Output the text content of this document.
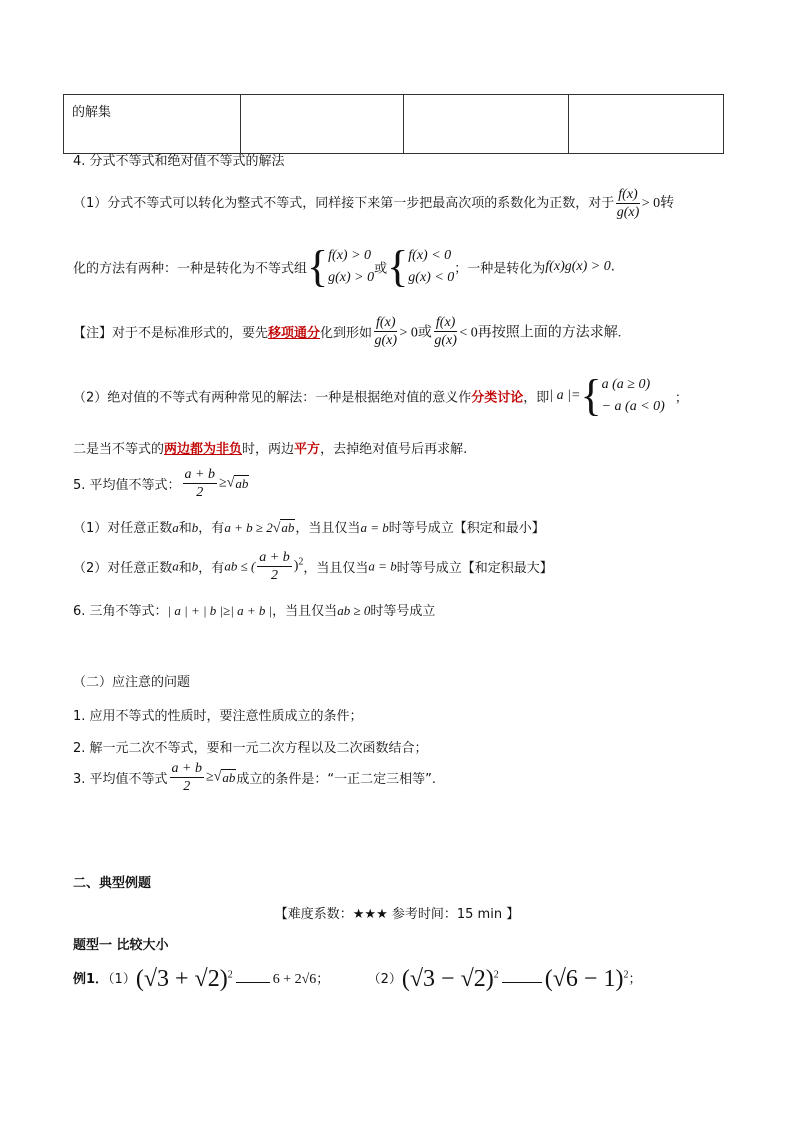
的解集			
4. 分式不等式和绝对值不等式的解法
（1）分式不等式可以转化为整式不等式，同样接下来第一步把最高次项的系数化为正数，对于 $\frac{f(x)}{g(x)} > 0$转
化的方法有两种：一种是转化为不等式组{ f(x) > 0
g(x) > 0
或{ f(x) < 0
g(x) < 0
；一种是转化为f(x)g(x) > 0.
【注】对于不是标准形式的，要先移项通分化到形如 $\frac{f(x)}{g(x)} > 0$或 $\frac{f(x)}{g(x)} < 0$再按照上面的方法求解.
（2）绝对值的不等式有两种常见的解法：一种是根据绝对值的意义作分类讨论，即| a |={ a (a ≥ 0)
− a (a < 0)
；
二是当不等式的两边都为非负时，两边平方，去掉绝对值号后再求解.
5. 平均值不等式： $\frac{a + b}{2} \ge√ab$
（1）对任意正数a和b，有a + b ≥ 2√ab，当且仅当a = b时等号成立【积定和最小】
（2）对任意正数a和b，有ab ≤ ( $\frac{a + b}{2} )^2$，当且仅当a = b时等号成立【和定积最大】
6. 三角不等式：| a | + | b |≥| a + b |，当且仅当ab ≥ 0时等号成立
（二）应注意的问题
1. 应用不等式的性质时，要注意性质成立的条件；
2. 解一元二次不等式，要和一元二次方程以及二次函数结合；
3. 平均值不等式 $\frac{a + b}{2} \ge√ab$成立的条件是：“一正二定三相等”.
二、典型例题
【难度系数：★★★ 参考时间：15 min 】
题型一 比较大小
例1．$(1)(√3 + √2)^2$	6 + 2√6；	$(2)(√3 - √2)^2$ $(√6 - 1)^2$；
